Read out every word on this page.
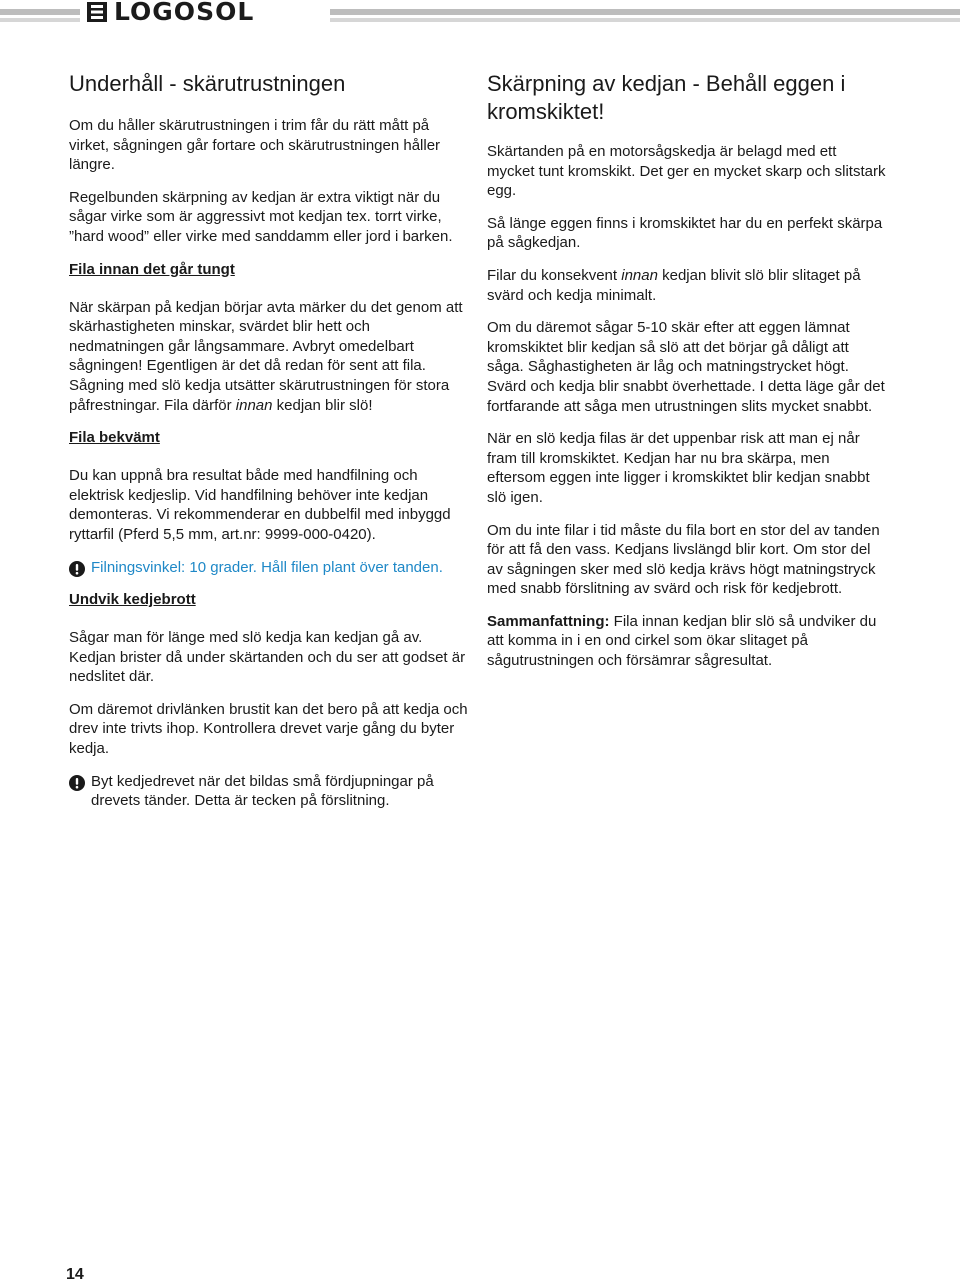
LOGOSOL
Underhåll - skärutrustningen

Om du håller skärutrustningen i trim får du rätt mått på virket, sågningen går fortare och skärutrustningen håller längre.

Regelbunden skärpning av kedjan är extra viktigt när du sågar virke som är aggressivt mot kedjan tex. torrt virke, ”hard wood” eller virke med sanddamm eller jord i barken.

Fila innan det går tungt

När skärpan på kedjan börjar avta märker du det genom att skärhastigheten minskar, svärdet blir hett och nedmatningen går långsammare. Avbryt omedelbart sågningen! Egentligen är det då redan för sent att fila. Sågning med slö kedja utsätter skärutrustningen för stora påfrestningar. Fila därför innan kedjan blir slö!

Fila bekvämt

Du kan uppnå bra resultat både med handfilning och elektrisk kedjeslip. Vid handfilning behöver inte kedjan demonteras. Vi rekommenderar en dubbelfil med inbyggd ryttarfil (Pferd 5,5 mm, art.nr: 9999-000-0420).

Filningsvinkel: 10 grader. Håll filen plant över tanden.
Undvik kedjebrott

Sågar man för länge med slö kedja kan kedjan gå av. Kedjan brister då under skärtanden och du ser att godset är nedslitet där.

Om däremot drivlänken brustit kan det bero på att kedja och drev inte trivts ihop. Kontrollera drevet varje gång du byter kedja.

Byt kedjedrevet när det bildas små fördjupningar på drevets tänder. Detta är tecken på förslitning.
Skärpning av kedjan - Behåll eggen i kromskiktet!

Skärtanden på en motorsågskedja är belagd med ett mycket tunt kromskikt. Det ger en mycket skarp och slitstark egg.

Så länge eggen finns i kromskiktet har du en perfekt skärpa på sågkedjan.

Filar du konsekvent innan kedjan blivit slö blir slitaget på svärd och kedja minimalt.

Om du däremot sågar 5-10 skär efter att eggen lämnat kromskiktet blir kedjan så slö att det börjar gå dåligt att såga. Såghastigheten är låg och matningstrycket högt. Svärd och kedja blir snabbt överhettade. I detta läge går det fortfarande att såga men utrustningen slits mycket snabbt.

När en slö kedja filas är det uppenbar risk att man ej når fram till kromskiktet. Kedjan har nu bra skärpa, men eftersom eggen inte ligger i kromskiktet blir kedjan snabbt slö igen.

Om du inte filar i tid måste du fila bort en stor del av tanden för att få den vass. Kedjans livslängd blir kort. Om stor del av sågningen sker med slö kedja krävs högt matningstryck med snabb förslitning av svärd och risk för kedjebrott.

Sammanfattning: Fila innan kedjan blir slö så undviker du att komma in i en ond cirkel som ökar slitaget på sågutrustningen och försämrar sågresultat.

14
